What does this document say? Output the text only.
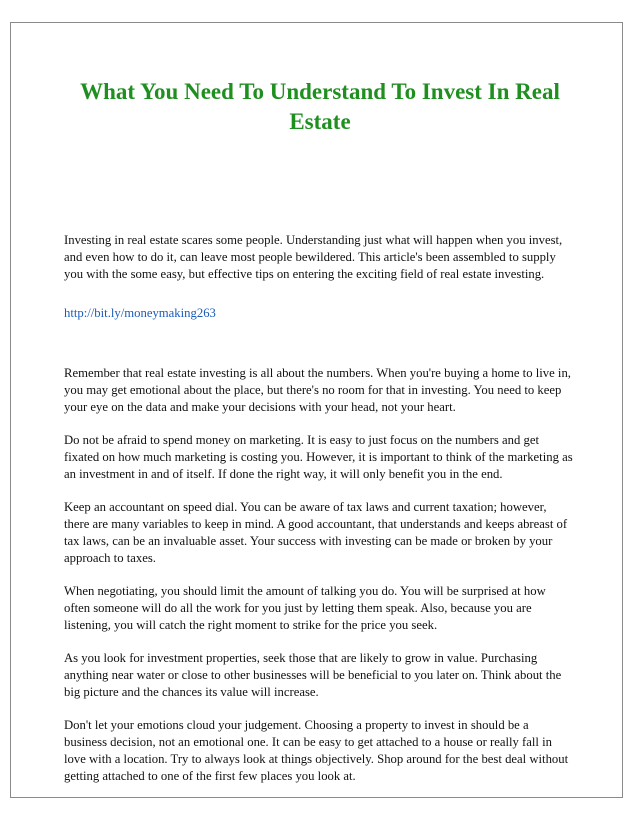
What You Need To Understand To Invest In Real Estate

Investing in real estate scares some people. Understanding just what will happen when you invest, and even how to do it, can leave most people bewildered. This article's been assembled to supply you with the some easy, but effective tips on entering the exciting field of real estate investing.

http://bit.ly/moneymaking263

Remember that real estate investing is all about the numbers. When you're buying a home to live in, you may get emotional about the place, but there's no room for that in investing. You need to keep your eye on the data and make your decisions with your head, not your heart.

Do not be afraid to spend money on marketing. It is easy to just focus on the numbers and get fixated on how much marketing is costing you. However, it is important to think of the marketing as an investment in and of itself. If done the right way, it will only benefit you in the end.

Keep an accountant on speed dial. You can be aware of tax laws and current taxation; however, there are many variables to keep in mind. A good accountant, that understands and keeps abreast of tax laws, can be an invaluable asset. Your success with investing can be made or broken by your approach to taxes.

When negotiating, you should limit the amount of talking you do. You will be surprised at how often someone will do all the work for you just by letting them speak. Also, because you are listening, you will catch the right moment to strike for the price you seek.

As you look for investment properties, seek those that are likely to grow in value. Purchasing anything near water or close to other businesses will be beneficial to you later on. Think about the big picture and the chances its value will increase.

Don't let your emotions cloud your judgement. Choosing a property to invest in should be a business decision, not an emotional one. It can be easy to get attached to a house or really fall in love with a location. Try to always look at things objectively. Shop around for the best deal without getting attached to one of the first few places you look at.
